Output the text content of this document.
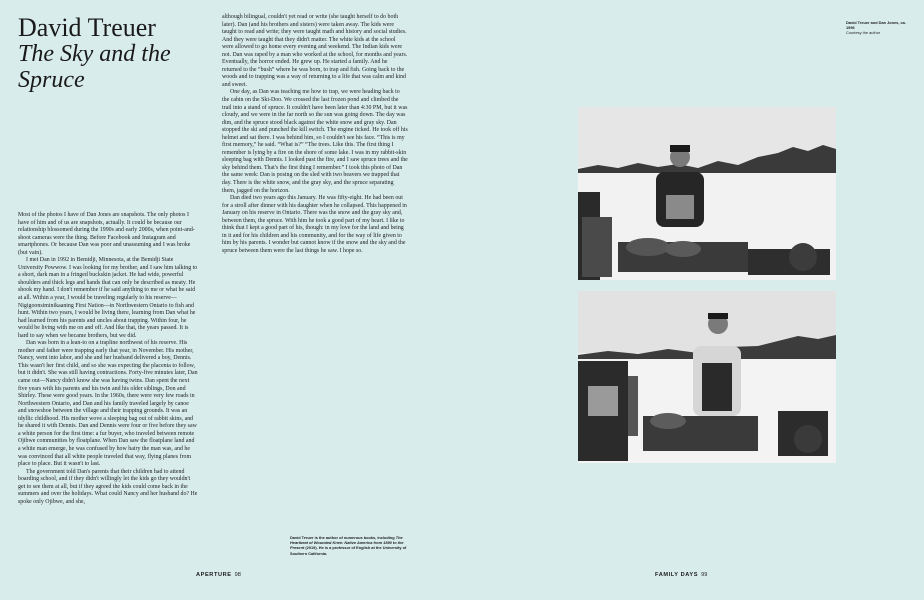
David Treuer
The Sky and the Spruce

Most of the photos I have of Dan Jones are snapshots. The only photos I have of him and of us are snapshots, actually. It could be because our relationship blossomed during the 1990s and early 2000s, when point-and-shoot cameras were the thing. Before Facebook and Instagram and smartphones. Or because Dan was poor and unassuming and I was broke (but vain).

I met Dan in 1992 in Bemidji, Minnesota, at the Bemidji State University Powwow. I was looking for my brother, and I saw him talking to a short, dark man in a fringed buckskin jacket. He had wide, powerful shoulders and thick legs and hands that can only be described as meaty. He shook my hand. I don't remember if he said anything to me or what he said at all. Within a year, I would be traveling regularly to his reserve—Nigigoonsiminikaaning First Nation—in Northwestern Ontario to fish and hunt. Within two years, I would be living there, learning from Dan what he had learned from his parents and uncles about trapping. Within four, he would be living with me on and off. And like that, the years passed. It is hard to say when we became brothers, but we did.

Dan was born in a lean-to on a trapline northwest of his reserve. His mother and father were trapping early that year, in November. His mother, Nancy, went into labor, and she and her husband delivered a boy, Dennis. This wasn't her first child, and so she was expecting the placenta to follow, but it didn't. She was still having contractions. Forty-five minutes later, Dan came out—Nancy didn't know she was having twins. Dan spent the next five years with his parents and his twin and his older siblings, Don and Shirley. These were good years. In the 1960s, there were very few roads in Northwestern Ontario, and Dan and his family traveled largely by canoe and snowshoe between the village and their trapping grounds. It was an idyllic childhood. His mother wove a sleeping bag out of rabbit skins, and he shared it with Dennis. Dan and Dennis were four or five before they saw a white person for the first time: a fur buyer, who traveled between remote Ojibwe communities by floatplane. When Dan saw the floatplane land and a white man emerge, he was confused by how hairy the man was, and he was convinced that all white people traveled that way, flying planes from place to place. But it wasn't to last.

The government told Dan's parents that their children had to attend boarding school, and if they didn't willingly let the kids go they wouldn't get to see them at all, but if they agreed the kids could come back in the summers and over the holidays. What could Nancy and her husband do? He spoke only Ojibwe, and she,

although bilingual, couldn't yet read or write (she taught herself to do both later). Dan (and his brothers and sisters) were taken away. The kids were taught to read and write; they were taught math and history and social studies. And they were taught that they didn't matter. The white kids at the school were allowed to go home every evening and weekend. The Indian kids were not. Dan was raped by a man who worked at the school, for months and years. Eventually, the horror ended. He grew up. He started a family. And he returned to the “bush” where he was born, to trap and fish. Going back to the woods and to trapping was a way of returning to a life that was calm and kind and sweet.

One day, as Dan was teaching me how to trap, we were heading back to the cabin on the Ski-Doo. We crossed the last frozen pond and climbed the trail into a stand of spruce. It couldn't have been later than 4:30 PM, but it was cloudy, and we were in the far north so the sun was going down. The day was dim, and the spruce stood black against the white snow and gray sky. Dan stopped the ski and punched the kill switch. The engine ticked. He took off his helmet and sat there. I was behind him, so I couldn't see his face. “This is my first memory,” he said. “What is?” “The trees. Like this. The first thing I remember is lying by a fire on the shore of some lake. I was in my rabbit-skin sleeping bag with Dennis. I looked past the fire, and I saw spruce trees and the sky behind them. That's the first thing I remember.” I took this photo of Dan the same week: Dan is posing on the sled with two beavers we trapped that day. There is the white snow, and the gray sky, and the spruce separating them, jagged on the horizon.

Dan died two years ago this January. He was fifty-eight. He had been out for a stroll after dinner with his daughter when he collapsed. This happened in January on his reserve in Ontario. There was the snow and the gray sky and, between them, the spruce. With him he took a good part of my heart. I like to think that I kept a good part of his, though: in my love for the land and being in it and for his children and his community, and for the way of life given to him by his parents. I wonder but cannot know if the snow and the sky and the spruce between them were the last things he saw. I hope so.

David Treuer is the author of numerous books, including The Heartbeat of Wounded Knee: Native America from 1890 to the Present (2019). He is a professor of English at the University of Southern California.
APERTURE 98	FAMILY DAYS 99
David Treuer and Dan Jones, ca. 1996
Courtesy the author
